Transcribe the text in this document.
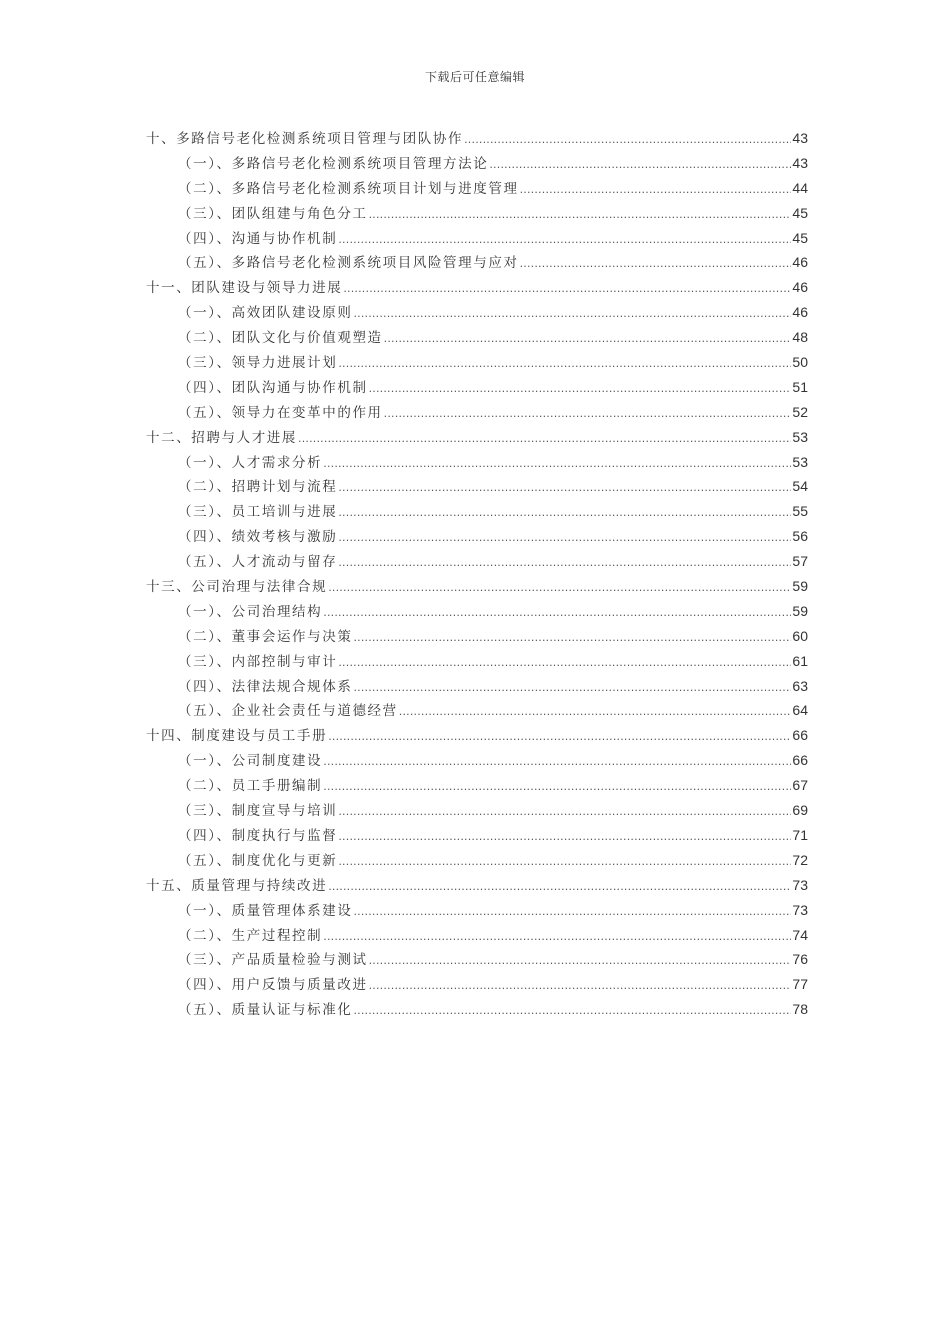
下载后可任意编辑
十、多路信号老化检测系统项目管理与团队协作 .....	43
（一）、多路信号老化检测系统项目管理方法论 .....	43
（二）、多路信号老化检测系统项目计划与进度管理 .....	44
（三）、团队组建与角色分工 .....	45
（四）、沟通与协作机制 .....	45
（五）、多路信号老化检测系统项目风险管理与应对 .....	46
十一、团队建设与领导力进展 .....	46
（一）、高效团队建设原则 .....	46
（二）、团队文化与价值观塑造 .....	48
（三）、领导力进展计划 .....	50
（四）、团队沟通与协作机制 .....	51
（五）、领导力在变革中的作用 .....	52
十二、招聘与人才进展 .....	53
（一）、人才需求分析 .....	53
（二）、招聘计划与流程 .....	54
（三）、员工培训与进展 .....	55
（四）、绩效考核与激励 .....	56
（五）、人才流动与留存 .....	57
十三、公司治理与法律合规 .....	59
（一）、公司治理结构 .....	59
（二）、董事会运作与决策 .....	60
（三）、内部控制与审计 .....	61
（四）、法律法规合规体系 .....	63
（五）、企业社会责任与道德经营 .....	64
十四、制度建设与员工手册 .....	66
（一）、公司制度建设 .....	66
（二）、员工手册编制 .....	67
（三）、制度宣导与培训 .....	69
（四）、制度执行与监督 .....	71
（五）、制度优化与更新 .....	72
十五、质量管理与持续改进 .....	73
（一）、质量管理体系建设 .....	73
（二）、生产过程控制 .....	74
（三）、产品质量检验与测试 .....	76
（四）、用户反馈与质量改进 .....	77
（五）、质量认证与标准化 .....	78
